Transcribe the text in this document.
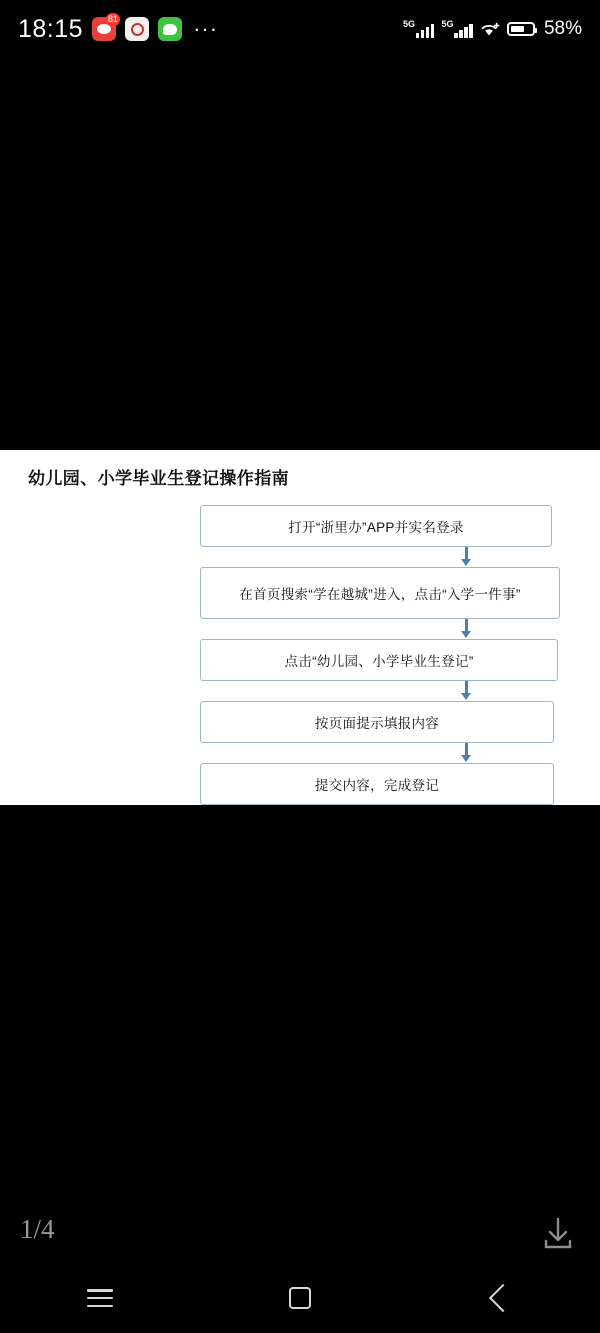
18:15	81	···	5G	5G	58%
幼儿园、小学毕业生登记操作指南
打开“浙里办”APP并实名登录
在首页搜索“学在越城”进入，点击“入学一件事”
点击“幼儿园、小学毕业生登记”
按页面提示填报内容
提交内容，完成登记
1/4
